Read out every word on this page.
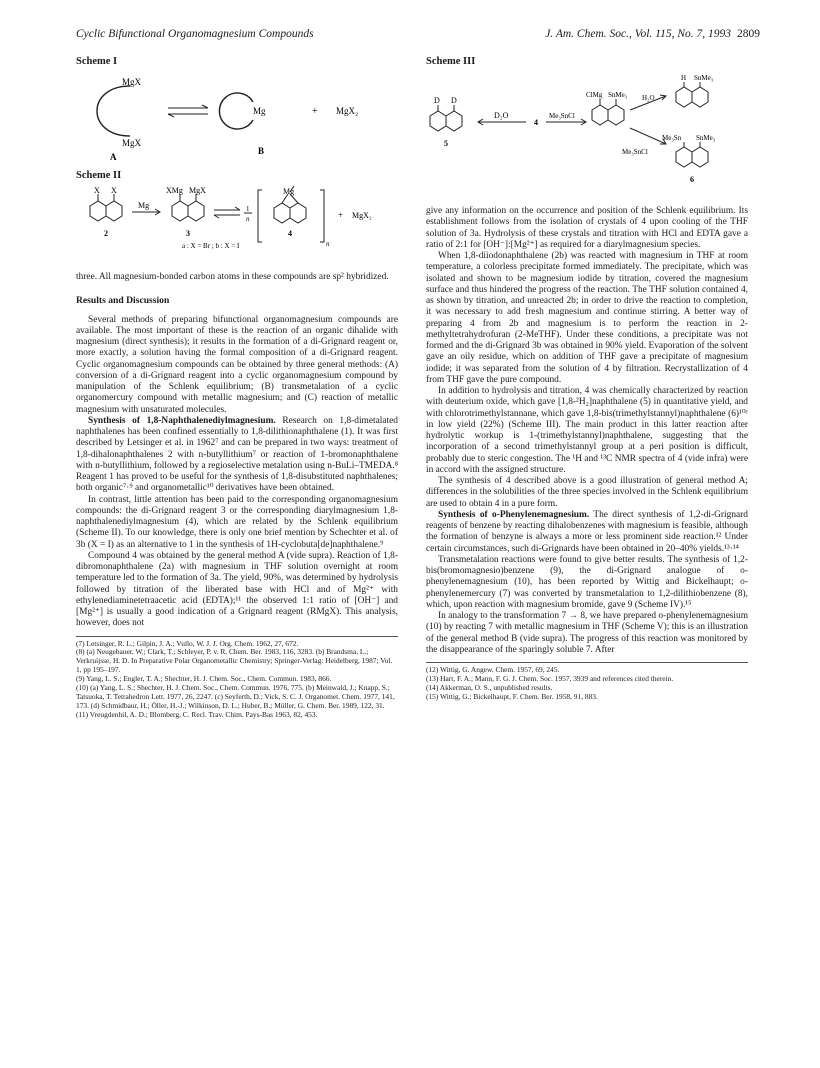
Cyclic Bifunctional Organomagnesium Compounds	J. Am. Chem. Soc., Vol. 115, No. 7, 1993 2809
Scheme I
MgX
MgX
Mg	+ MgX₂
A
B
Scheme II
X X
Mg
XMg MgX
1
n
Mg
n
+ MgX₂
2	3	4
a : X = Br ; b : X = I
Scheme III
D D
D₂O
4
Me₃SnCl
ClMg SnMe₃ H₂O
H SnMe₃
Me₃SnCl
Me₃Sn SnMe₃
5
6

three. All magnesium-bonded carbon atoms in these compounds are sp² hybridized.

Results and Discussion

Several methods of preparing bifunctional organomagnesium compounds are available. The most important of these is the reaction of an organic dihalide with magnesium (direct synthesis); it results in the formation of a di-Grignard reagent or, more exactly, a solution having the formal composition of a di-Grignard reagent. Cyclic organomagnesium compounds can be obtained by three general methods: (A) conversion of a di-Grignard reagent into a cyclic organomagnesium compound by manipulation of the Schlenk equilibrium; (B) transmetalation of a cyclic organomercury compound with metallic magnesium; and (C) reaction of metallic magnesium with unsaturated molecules.

Synthesis of 1,8-Naphthalenediylmagnesium. Research on 1,8-dimetalated naphthalenes has been confined essentially to 1,8-dilithionaphthalene (1). It was first described by Letsinger et al. in 1962⁷ and can be prepared in two ways: treatment of 1,8-dihalonaphthalenes 2 with n-butyllithium⁷ or reaction of 1-bromonaphthalene with n-butyllithium, followed by a regioselective metalation using n-BuLi–TMEDA.⁸ Reagent 1 has proved to be useful for the synthesis of 1,8-disubstituted naphthalenes; both organic⁷·⁹ and organometallic¹⁰ derivatives have been obtained.

In contrast, little attention has been paid to the corresponding organomagnesium compounds: the di-Grignard reagent 3 or the corresponding diarylmagnesium 1,8-naphthalenediylmagnesium (4), which are related by the Schlenk equilibrium (Scheme II). To our knowledge, there is only one brief mention by Schechter et al. of 3b (X = I) as an alternative to 1 in the synthesis of 1H-cyclobuta[de]naphthalene.⁹

Compound 4 was obtained by the general method A (vide supra). Reaction of 1,8-dibromonaphthalene (2a) with magnesium in THF solution overnight at room temperature led to the formation of 3a. The yield, 90%, was determined by hydrolysis followed by titration of the liberated base with HCl and of Mg²⁺ with ethylenediaminetetraacetic acid (EDTA);¹¹ the observed 1:1 ratio of [OH⁻] and [Mg²⁺] is usually a good indication of a Grignard reagent (RMgX). This analysis, however, does not

(7) Letsinger, R. L.; Gilpin, J. A.; Vullo, W. J. J. Org. Chem. 1962, 27, 672.
(8) (a) Neugebauer, W.; Clark, T.; Schleyer, P. v. R. Chem. Ber. 1983, 116, 3283. (b) Brandsma, L.; Verkruijsse, H. D. In Preparative Polar Organometallic Chemistry; Springer-Verlag: Heidelberg, 1987; Vol. 1, pp 195–197.
(9) Yang, L. S.; Engler, T. A.; Shechter, H. J. Chem. Soc., Chem. Commun. 1983, 866.
(10) (a) Yang, L. S.; Shechter, H. J. Chem. Soc., Chem. Commun. 1976, 775. (b) Meinwald, J.; Knapp, S.; Tatsuoka, T. Tetrahedron Lett. 1977, 26, 2247. (c) Seyferth, D.; Vick, S. C. J. Organomet. Chem. 1977, 141, 173. (d) Schmidbaur, H.; Öller, H.-J.; Wilkinson, D. L.; Huber, B.; Müller, G. Chem. Ber. 1989, 122, 31.
(11) Vreugdenhil, A. D.; Blomberg, C. Recl. Trav. Chim. Pays-Bas 1963, 82, 453.

give any information on the occurrence and position of the Schlenk equilibrium. Its establishment follows from the isolation of crystals of 4 upon cooling of the THF solution of 3a. Hydrolysis of these crystals and titration with HCl and EDTA gave a ratio of 2:1 for [OH⁻]:[Mg²⁺] as required for a diarylmagnesium species.

When 1,8-diiodonaphthalene (2b) was reacted with magnesium in THF at room temperature, a colorless precipitate formed immediately. The precipitate, which was isolated and shown to be magnesium iodide by titration, covered the magnesium surface and thus hindered the progress of the reaction. The THF solution contained 4, as shown by titration, and unreacted 2b; in order to drive the reaction to completion, it was necessary to add fresh magnesium and continue stirring. A better way of preparing 4 from 2b and magnesium is to perform the reaction in 2-methyltetrahydrofuran (2-MeTHF). Under these conditions, a precipitate was not formed and the di-Grignard 3b was obtained in 90% yield. Evaporation of the solvent gave an oily residue, which on addition of THF gave a precipitate of magnesium iodide; it was separated from the solution of 4 by filtration. Recrystallization of 4 from THF gave the pure compound.

In addition to hydrolysis and titration, 4 was chemically characterized by reaction with deuterium oxide, which gave [1,8-²H₂]naphthalene (5) in quantitative yield, and with chlorotrimethylstannane, which gave 1,8-bis(trimethylstannyl)naphthalene (6)¹⁰ᶜ in low yield (22%) (Scheme III). The main product in this latter reaction after hydrolytic workup is 1-(trimethylstannyl)naphthalene, suggesting that the incorporation of a second trimethylstannyl group at a peri position is difficult, probably due to steric congestion. The ¹H and ¹³C NMR spectra of 4 (vide infra) were in accord with the assigned structure.

The synthesis of 4 described above is a good illustration of general method A; differences in the solubilities of the three species involved in the Schlenk equilibrium are used to obtain 4 in a pure form.

Synthesis of o-Phenylenemagnesium. The direct synthesis of 1,2-di-Grignard reagents of benzene by reacting dihalobenzenes with magnesium is feasible, although the formation of benzyne is always a more or less prominent side reaction.¹² Under certain circumstances, such di-Grignards have been obtained in 20–40% yields.¹³·¹⁴

Transmetalation reactions were found to give better results. The synthesis of 1,2-bis(bromomagnesio)benzene (9), the di-Grignard analogue of o-phenylenemagnesium (10), has been reported by Wittig and Bickelhaupt; o-phenylenemercury (7) was converted by transmetalation to 1,2-dilithiobenzene (8), which, upon reaction with magnesium bromide, gave 9 (Scheme IV).¹⁵

In analogy to the transformation 7 → 8, we have prepared o-phenylenemagnesium (10) by reacting 7 with metallic magnesium in THF (Scheme V); this is an illustration of the general method B (vide supra). The progress of this reaction was monitored by the disappearance of the sparingly soluble 7. After

(12) Wittig, G. Angew. Chem. 1957, 69, 245.
(13) Hart, F. A.; Mann, F. G. J. Chem. Soc. 1957, 3939 and references cited therein.
(14) Akkerman, O. S., unpublished results.
(15) Wittig, G.; Bickelhaupt, F. Chem. Ber. 1958, 91, 883.
